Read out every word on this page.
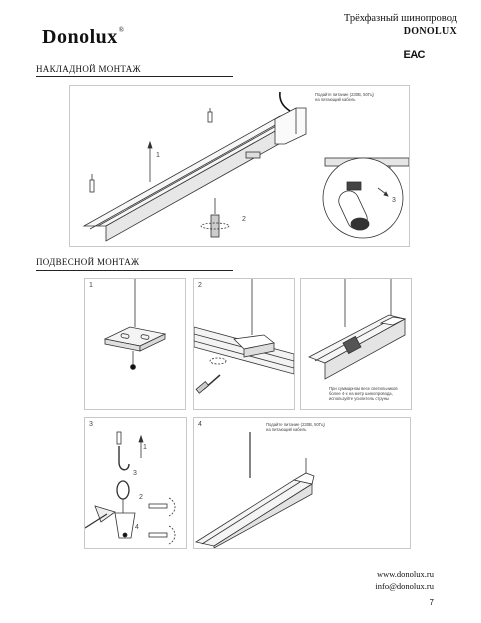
Donolux®
Трёхфазный шинопровод
DONOLUX
ЕАС
НАКЛАДНОЙ МОНТАЖ
Подайте питание (230В, 50Гц)
на питающий кабель
1
2
3
ПОДВЕСНОЙ МОНТАЖ
1	2
При суммарном весе светильников
более 4-х на метр шинопровода,
используйте усилитель струны
3
1
2
3
4
4	Подайте питание (230В, 50Гц)
на питающий кабель
www.donolux.ru
info@donolux.ru
7
